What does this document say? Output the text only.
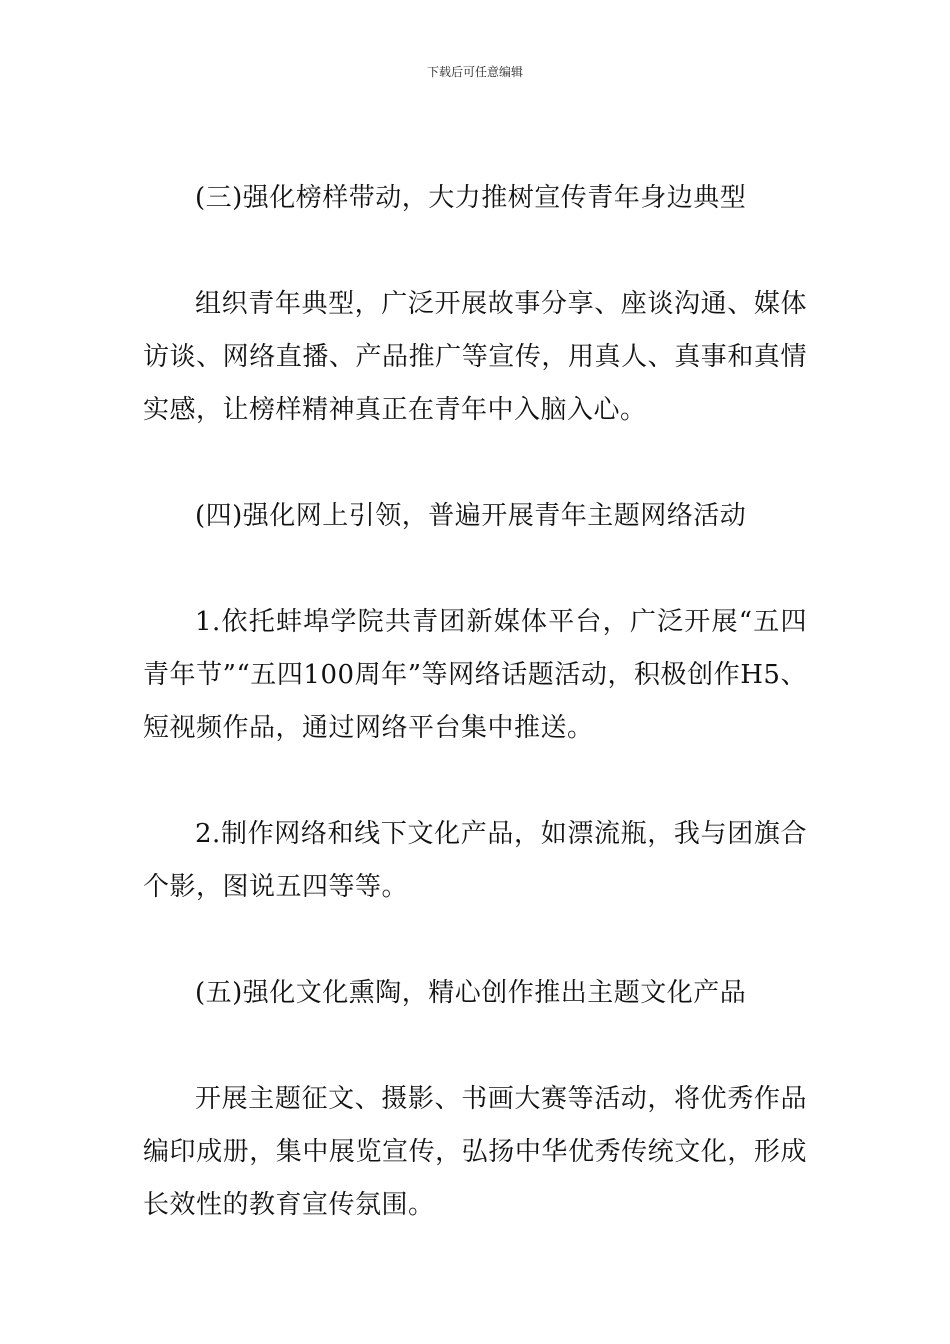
下载后可任意编辑

(三)强化榜样带动，大力推树宣传青年身边典型

组织青年典型，广泛开展故事分享、座谈沟通、媒体访谈、网络直播、产品推广等宣传，用真人、真事和真情实感，让榜样精神真正在青年中入脑入心。

(四)强化网上引领，普遍开展青年主题网络活动

1.依托蚌埠学院共青团新媒体平台，广泛开展“五四青年节”“五四100周年”等网络话题活动，积极创作H5、短视频作品，通过网络平台集中推送。

2.制作网络和线下文化产品，如漂流瓶，我与团旗合个影，图说五四等等。

(五)强化文化熏陶，精心创作推出主题文化产品

开展主题征文、摄影、书画大赛等活动，将优秀作品编印成册，集中展览宣传，弘扬中华优秀传统文化，形成长效性的教育宣传氛围。
